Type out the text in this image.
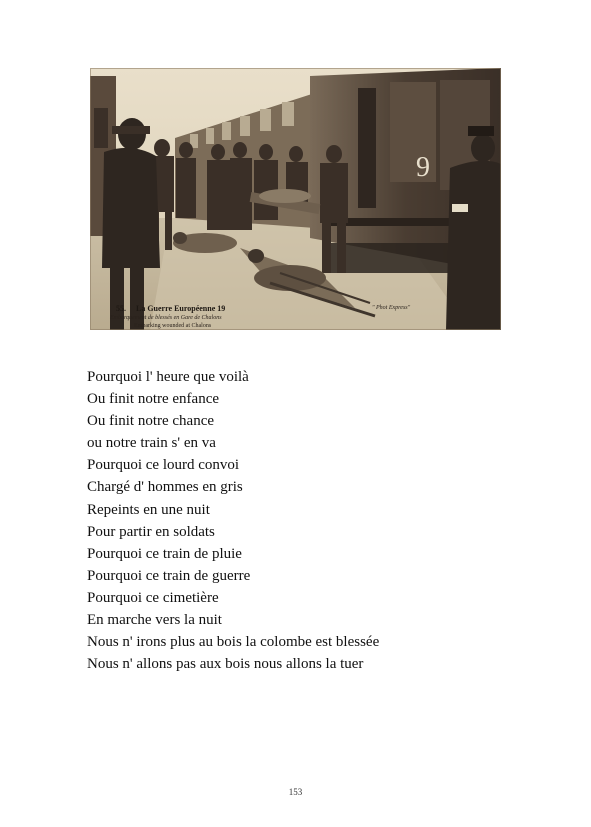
9
55. La Guerre Européenne 19
Embarquement de blessés en Gare de Chalons
Embarking wounded at Chalons
" Phot Express"
Pourquoi l' heure que voilà
Ou finit notre enfance
Ou finit notre chance
ou notre train s' en va
Pourquoi ce lourd convoi
Chargé d' hommes en gris
Repeints en une nuit
Pour partir en soldats
Pourquoi ce train de pluie
Pourquoi ce train de guerre
Pourquoi ce cimetière
En marche vers la nuit
Nous n' irons plus au bois la colombe est blessée
Nous n' allons pas aux bois nous allons la tuer
153
